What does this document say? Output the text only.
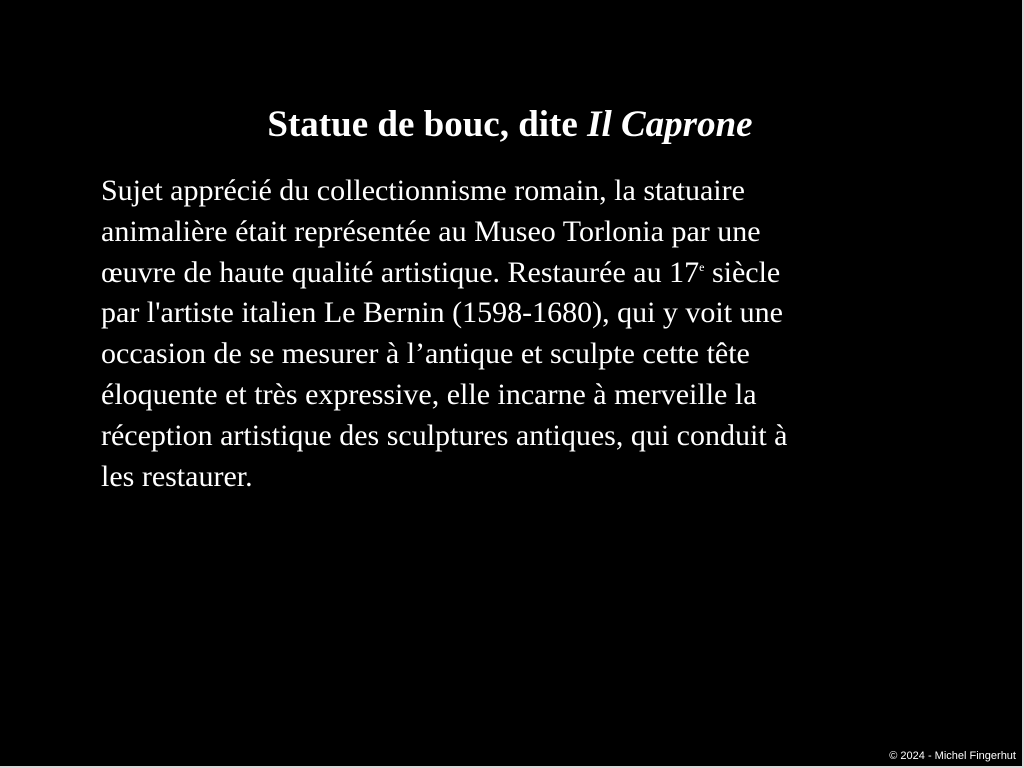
Statue de bouc, dite Il Caprone

Sujet apprécié du collectionnisme romain, la statuaire
animalière était représentée au Museo Torlonia par une
œuvre de haute qualité artistique. Restaurée au 17e siècle
par l'artiste italien Le Bernin (1598-1680), qui y voit une
occasion de se mesurer à l’antique et sculpte cette tête
éloquente et très expressive, elle incarne à merveille la
réception artistique des sculptures antiques, qui conduit à
les restaurer.

© 2024 - Michel Fingerhut
